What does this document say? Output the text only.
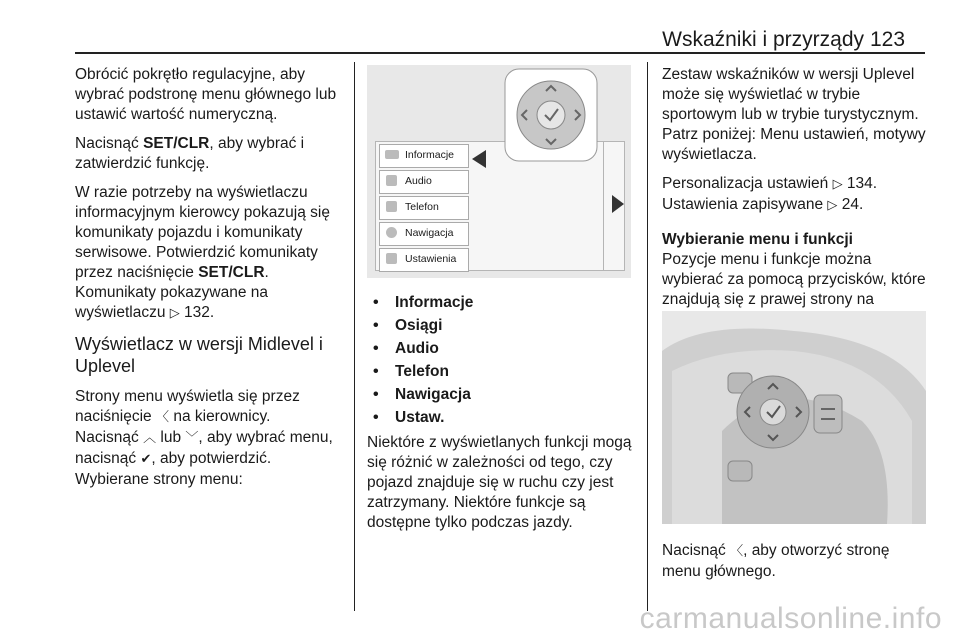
Wskaźniki i przyrządy 123

Obrócić pokrętło regulacyjne, aby wybrać podstronę menu głównego lub ustawić wartość numeryczną.

Nacisnąć SET/CLR, aby wybrać i zatwierdzić funkcję.

W razie potrzeby na wyświetlaczu informacyjnym kierowcy pokazują się komunikaty pojazdu i komunikaty serwisowe. Potwierdzić komunikaty przez naciśnięcie SET/CLR.
Komunikaty pokazywane na wyświetlaczu ▷ 132.

Wyświetlacz w wersji Midlevel i Uplevel

Strony menu wyświetla się przez naciśnięcie 〈 na kierownicy.

Nacisnąć ︿ lub ﹀, aby wybrać menu, nacisnąć ✔, aby potwierdzić.

Wybierane strony menu:

Informacje
Audio
Telefon
Nawigacja
Ustawienia
• Informacje
• Osiągi
• Audio
• Telefon
• Nawigacja
• Ustaw.

Niektóre z wyświetlanych funkcji mogą się różnić w zależności od tego, czy pojazd znajduje się w ruchu czy jest zatrzymany. Niektóre funkcje są dostępne tylko podczas jazdy.

Zestaw wskaźników w wersji Uplevel może się wyświetlać w trybie sportowym lub w trybie turystycznym. Patrz poniżej: Menu ustawień, motywy wyświetlacza.

Personalizacja ustawień ▷ 134.
Ustawienia zapisywane ▷ 24.

Wybieranie menu i funkcji

Pozycje menu i funkcje można wybierać za pomocą przycisków, które znajdują się z prawej strony na

Nacisnąć 〈, aby otworzyć stronę menu głównego.

carmanualsonline.info
